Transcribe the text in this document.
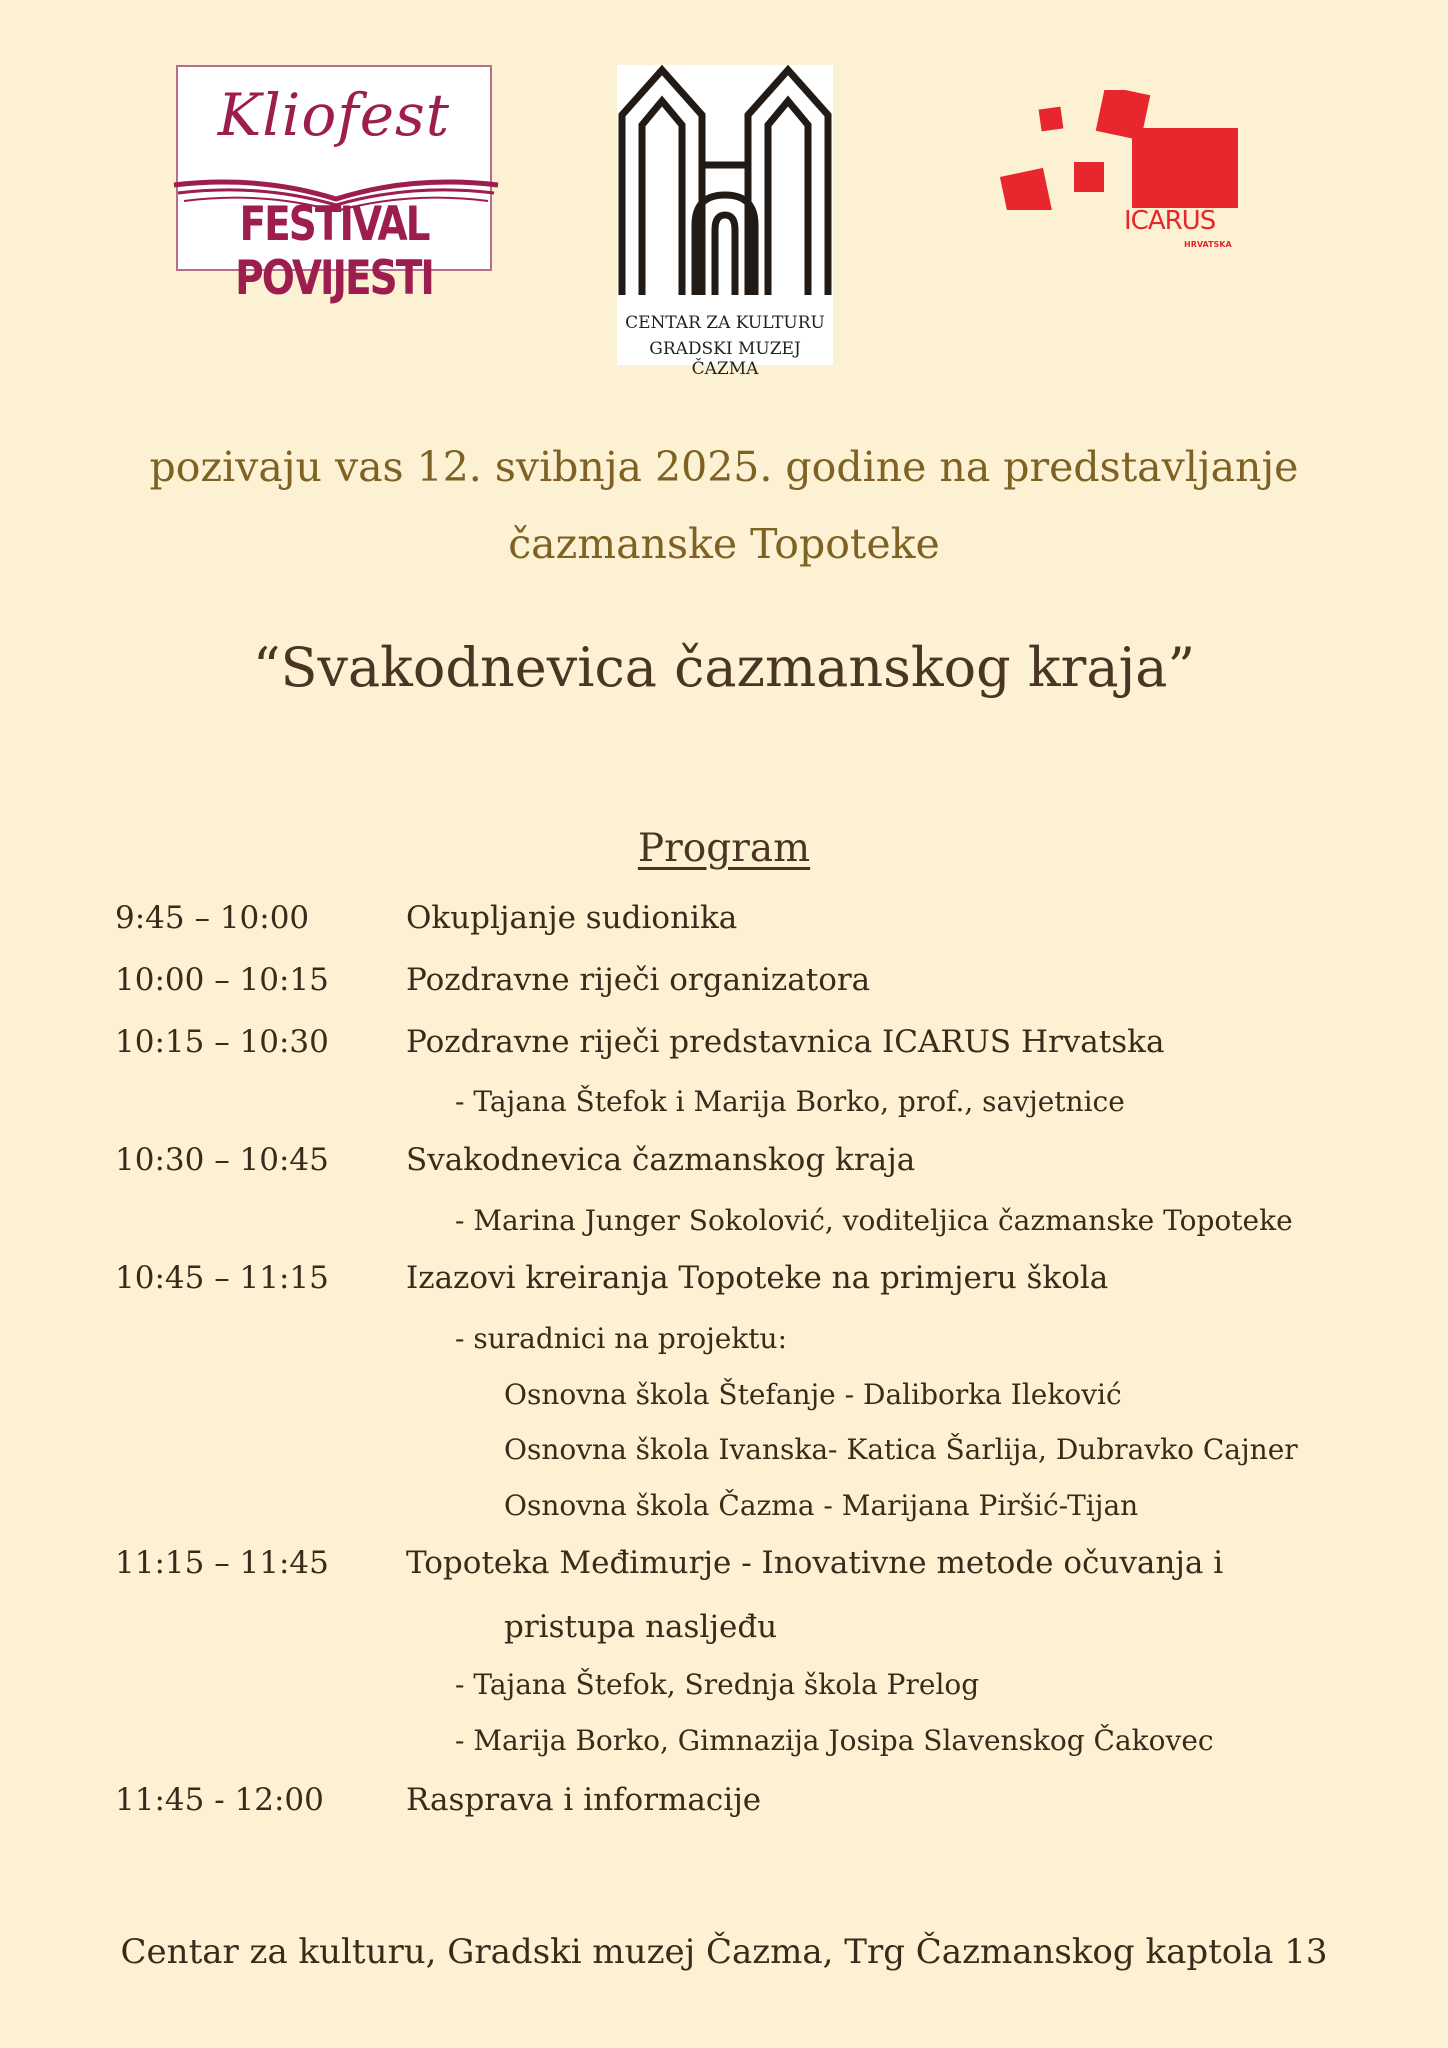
Kliofest
FESTIVAL POVIJESTI
CENTAR ZA KULTURU
GRADSKI MUZEJ ČAZMA
ICARUS
HRVATSKA
pozivaju vas 12. svibnja 2025. godine na predstavljanje
čazmanske Topoteke
“Svakodnevica čazmanskog kraja”
Program
9:45 – 10:00	Okupljanje sudionika
10:00 – 10:15 Pozdravne riječi organizatora
10:15 – 10:30 Pozdravne riječi predstavnica ICARUS Hrvatska
- Tajana Štefok i Marija Borko, prof., savjetnice
10:30 – 10:45 Svakodnevica čazmanskog kraja
- Marina Junger Sokolović, voditeljica čazmanske Topoteke
10:45 – 11:15 Izazovi kreiranja Topoteke na primjeru škola
- suradnici na projektu:
Osnovna škola Štefanje - Daliborka Ileković
Osnovna škola Ivanska- Katica Šarlija, Dubravko Cajner
Osnovna škola Čazma - Marijana Piršić-Tijan
11:15 – 11:45 Topoteka Međimurje - Inovativne metode očuvanja i
pristupa nasljeđu
- Tajana Štefok, Srednja škola Prelog
- Marija Borko, Gimnazija Josipa Slavenskog Čakovec
11:45 - 12:00	Rasprava i informacije
Centar za kulturu, Gradski muzej Čazma, Trg Čazmanskog kaptola 13
